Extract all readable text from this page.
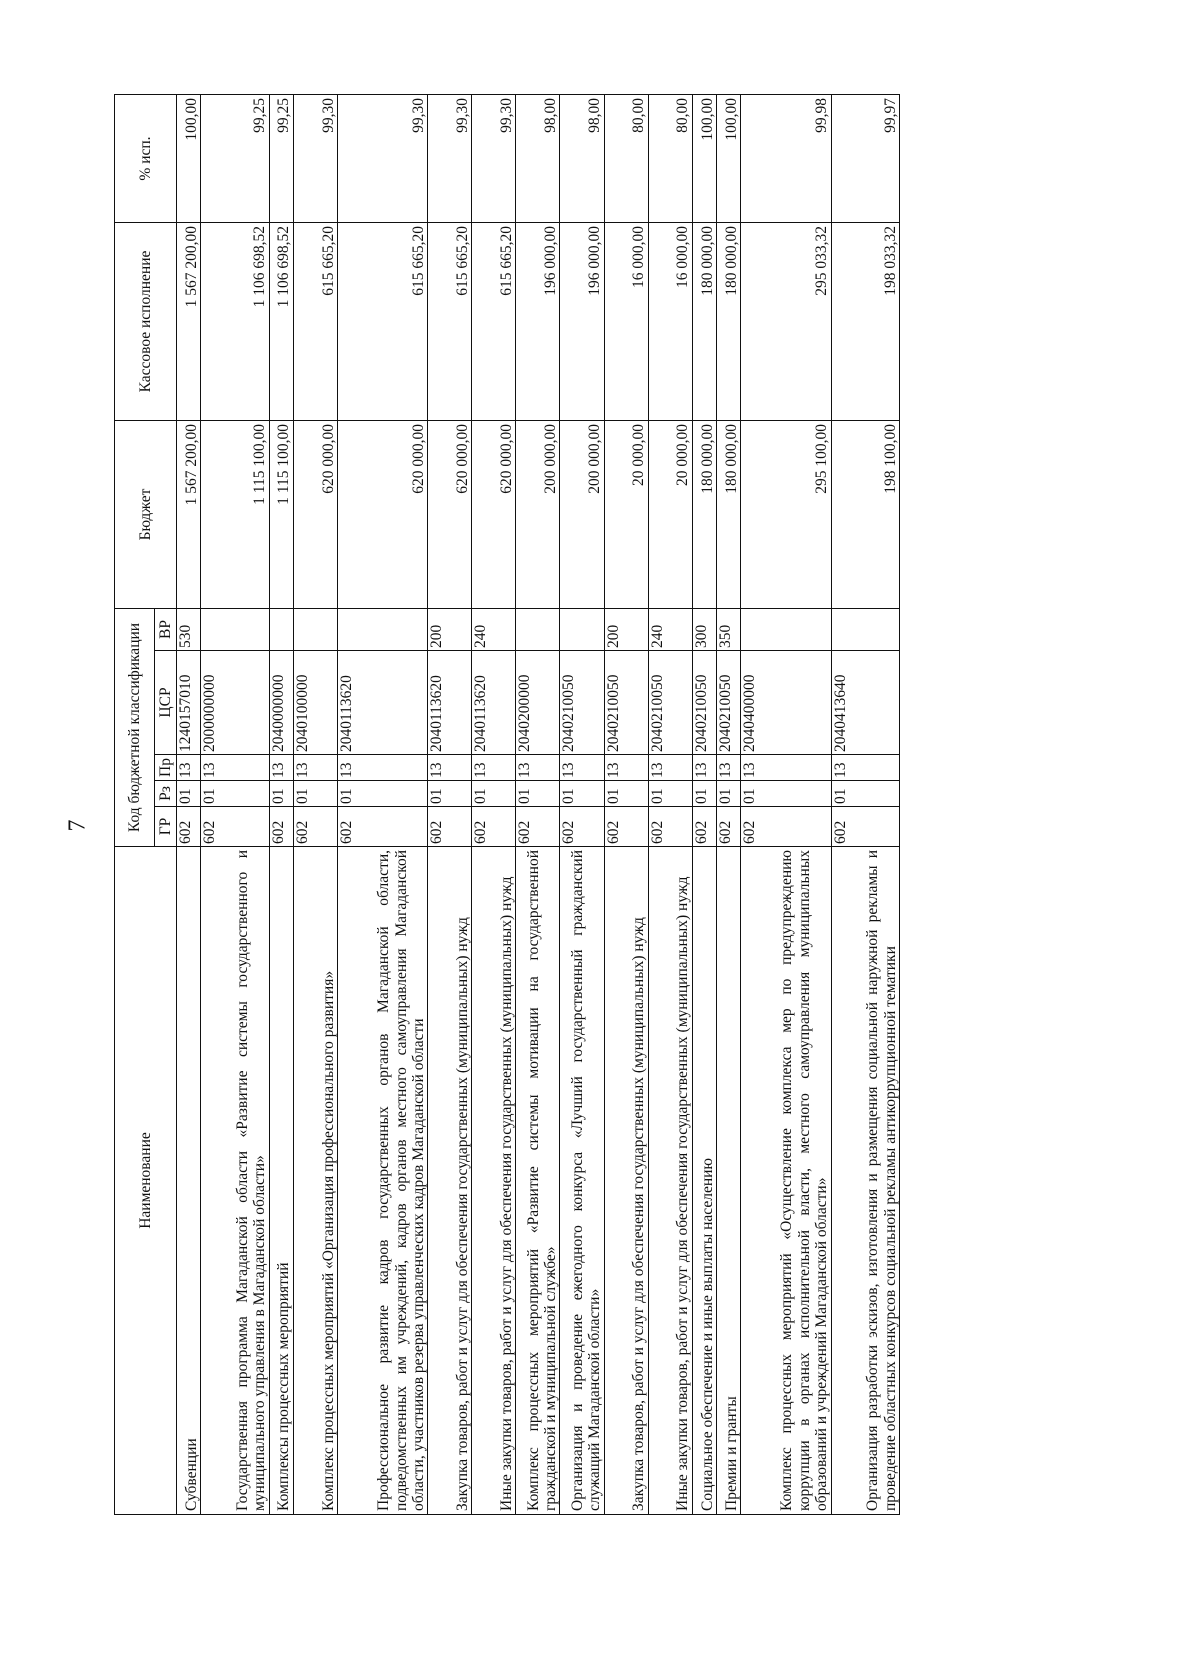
7
Наименование	Код бюджетной классификации					Бюджет	Кассовое исполнение	% исп.
	ГР	Рз	Пр	ЦСР	ВР			
Субвенции	602	01	13	1240157010	530	1 567 200,00	1 567 200,00	100,00
Государственная программа Магаданской области «Развитие системы государственного и муниципального управления в Магаданской области»	602	01	13	2000000000		1 115 100,00	1 106 698,52	99,25
Комплексы процессных мероприятий	602	01	13	2040000000		1 115 100,00	1 106 698,52	99,25
Комплекс процессных мероприятий «Организация профессионального развития»	602	01	13	2040100000		620 000,00	615 665,20	99,30
Профессиональное развитие кадров государственных органов Магаданской области, подведомственных им учреждений, кадров органов местного самоуправления Магаданской области, участников резерва управленческих кадров Магаданской области	602	01	13	2040113620		620 000,00	615 665,20	99,30
Закупка товаров, работ и услуг для обеспечения государственных (муниципальных) нужд	602	01	13	2040113620	200	620 000,00	615 665,20	99,30
Иные закупки товаров, работ и услуг для обеспечения государственных (муниципальных) нужд	602	01	13	2040113620	240	620 000,00	615 665,20	99,30
Комплекс процессных мероприятий «Развитие системы мотивации на государственной гражданской и муниципальной службе»	602	01	13	2040200000		200 000,00	196 000,00	98,00
Организация и проведение ежегодного конкурса «Лучший государственный гражданский служащий Магаданской области»	602	01	13	2040210050		200 000,00	196 000,00	98,00
Закупка товаров, работ и услуг для обеспечения государственных (муниципальных) нужд	602	01	13	2040210050	200	20 000,00	16 000,00	80,00
Иные закупки товаров, работ и услуг для обеспечения государственных (муниципальных) нужд	602	01	13	2040210050	240	20 000,00	16 000,00	80,00
Социальное обеспечение и иные выплаты населению	602	01	13	2040210050	300	180 000,00	180 000,00	100,00
Премии и гранты	602	01	13	2040210050	350	180 000,00	180 000,00	100,00
Комплекс процессных мероприятий «Осуществление комплекса мер по предупреждению коррупции в органах исполнительной власти, местного самоуправления муниципальных образований и учреждений Магаданской области»	602	01	13	2040400000		295 100,00	295 033,32	99,98
Организация разработки эскизов, изготовления и размещения социальной наружной рекламы и проведение областных конкурсов социальной рекламы антикоррупционной тематики	602	01	13	2040413640		198 100,00	198 033,32	99,97
